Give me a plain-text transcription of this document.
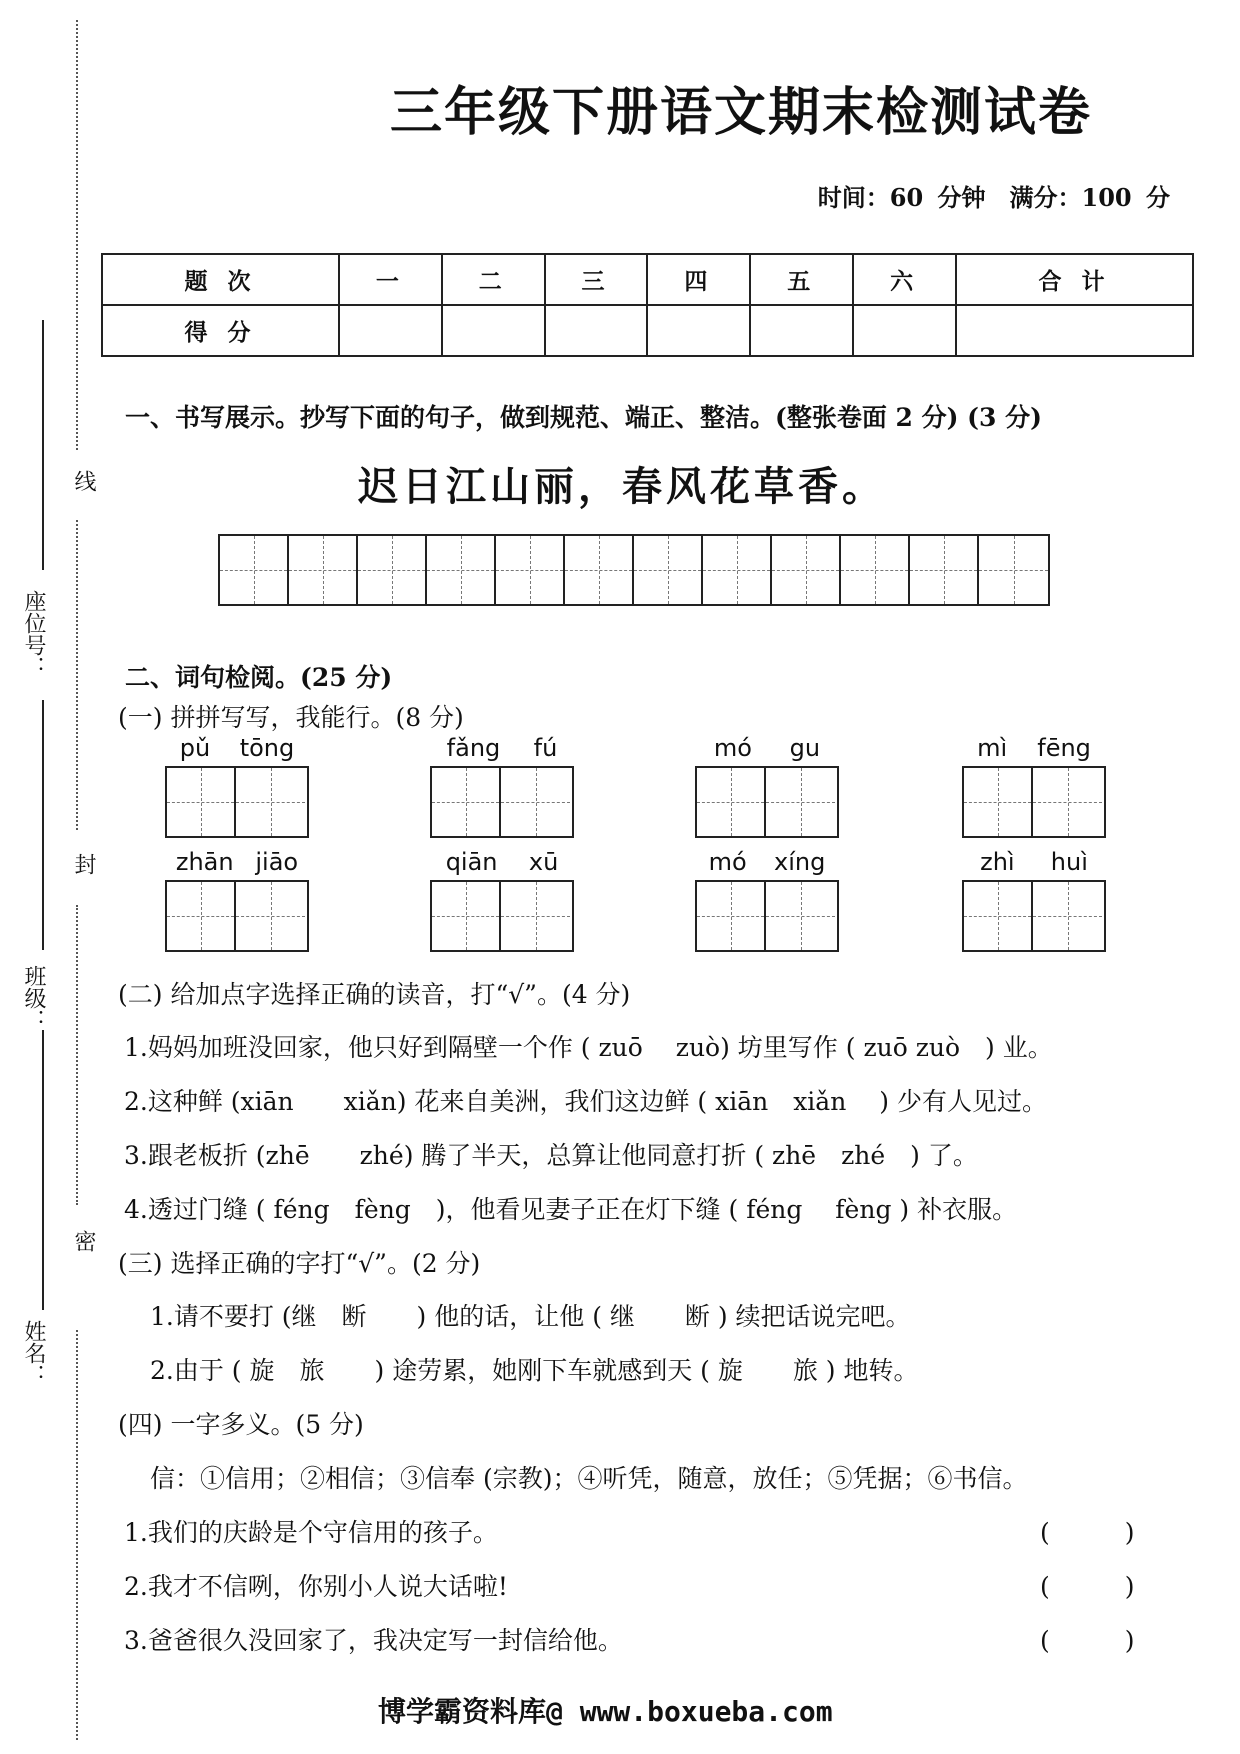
线
封
密
座位号：
班级：
姓名：
三年级下册语文期末检测试卷
时间：60 分钟　满分：100 分
题 次	一	二	三	四	五	六	合 计
得 分							
一、书写展示。抄写下面的句子，做到规范、端正、整洁。(整张卷面 2 分) (3 分)
迟日江山丽，春风花草香。
二、词句检阅。(25 分)
(一) 拼拼写写，我能行。(8 分)
pǔ tōng	fǎng fú	mó gu	mì fēng
zhān jiāo	qiān xū	mó xíng	zhì huì
(二) 给加点字选择正确的读音，打“√”。(4 分)
1.妈妈加班没回家，他只好到隔壁一个作 ( zuō　 zuò) 坊里写作 ( zuō zuò　) 业。
2.这种鲜 (xiān　　xiǎn) 花来自美洲，我们这边鲜 ( xiān　xiǎn　 ) 少有人见过。
3.跟老板折 (zhē　　zhé) 腾了半天，总算让他同意打折 ( zhē　zhé　) 了。
4.透过门缝 ( féng　fèng　)，他看见妻子正在灯下缝 ( féng　 fèng ) 补衣服。
(三) 选择正确的字打“√”。(2 分)
1.请不要打 (继　断　　) 他的话，让他 ( 继　　断 ) 续把话说完吧。
2.由于 ( 旋　旅　　) 途劳累，她刚下车就感到天 ( 旋　　旅 ) 地转。
(四) 一字多义。(5 分)
信：①信用；②相信；③信奉 (宗教)；④听凭，随意，放任；⑤凭据；⑥书信。
1.我们的庆龄是个守信用的孩子。	(　　　)
2.我才不信咧，你别小人说大话啦!	(　　　)
3.爸爸很久没回家了，我决定写一封信给他。	(　　　)
博学霸资料库@ www.boxueba.com
